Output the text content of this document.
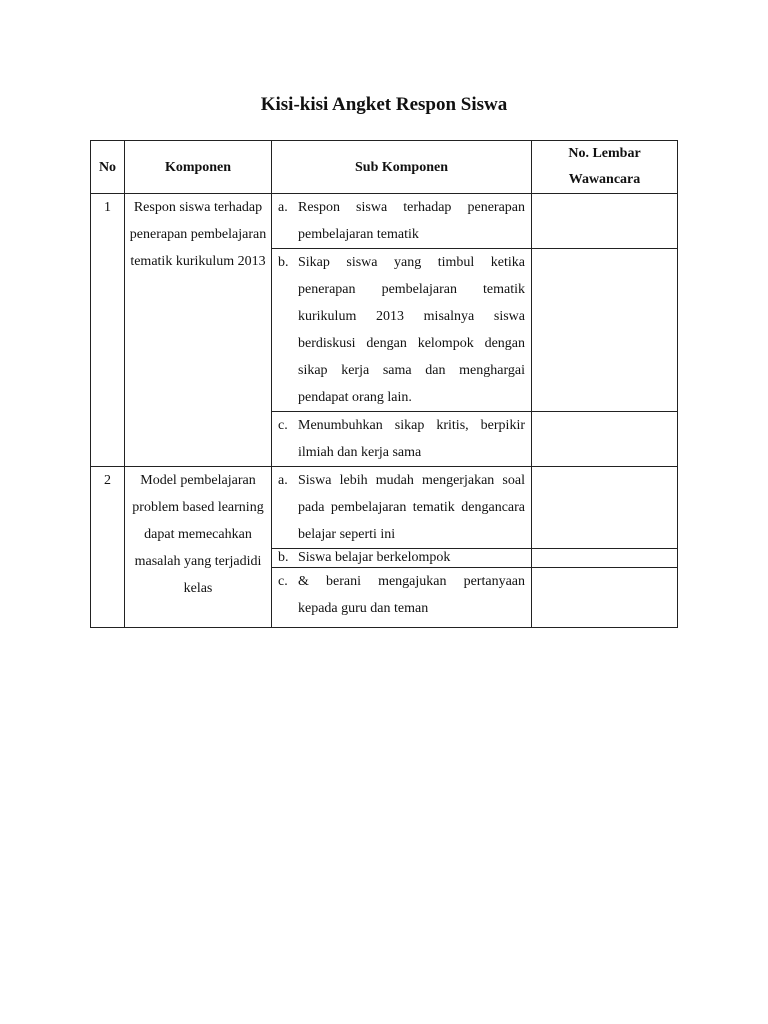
Kisi-kisi Angket Respon Siswa
No	Komponen	Sub Komponen	No. Lembar Wawancara
1	Respon siswa terhadap penerapan pembelajaran tematik kurikulum 2013	a. Respon siswa terhadap penerapan pembelajaran tematik	

		b. Sikap siswa yang timbul ketika penerapan pembelajaran tematik kurikulum 2013 misalnya siswa berdiskusi dengan kelompok dengan sikap kerja sama dan menghargai pendapat orang lain.	

		c. Menumbuhkan sikap kritis, berpikir ilmiah dan kerja sama	

2	Model pembelajaran problem based learning dapat memecahkan masalah yang terjadidi kelas	a. Siswa lebih mudah mengerjakan soal pada pembelajaran tematik dengancara belajar seperti ini	

		b. Siswa belajar berkelompok	

		c. & berani mengajukan pertanyaan kepada guru dan teman	
